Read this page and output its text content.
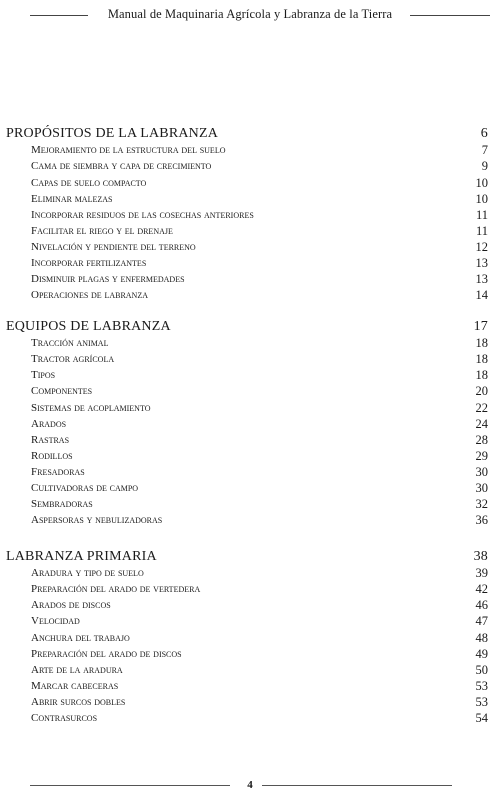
Manual de Maquinaria Agrícola y Labranza de la Tierra
PROPÓSITOS DE LA LABRANZA	6
Mejoramiento de la estructura del suelo	7
Cama de siembra y capa de crecimiento	9
Capas de suelo compacto	10
Eliminar malezas	10
Incorporar residuos de las cosechas anteriores	11
Facilitar el riego y el drenaje	11
Nivelación y pendiente del terreno	12
Incorporar fertilizantes	13
Disminuir plagas y enfermedades	13
Operaciones de labranza	14
EQUIPOS DE LABRANZA	17
Tracción animal	18
Tractor agrícola	18
Tipos	18
Componentes	20
Sistemas de acoplamiento	22
Arados	24
Rastras	28
Rodillos	29
Fresadoras	30
Cultivadoras de campo	30
Sembradoras	32
Aspersoras y nebulizadoras	36
LABRANZA PRIMARIA	38
Aradura y tipo de suelo	39
Preparación del arado de vertedera	42
Arados de discos	46
Velocidad	47
Anchura del trabajo	48
Preparación del arado de discos	49
Arte de la aradura	50
Marcar cabeceras	53
Abrir surcos dobles	53
Contrasurcos	54
4
